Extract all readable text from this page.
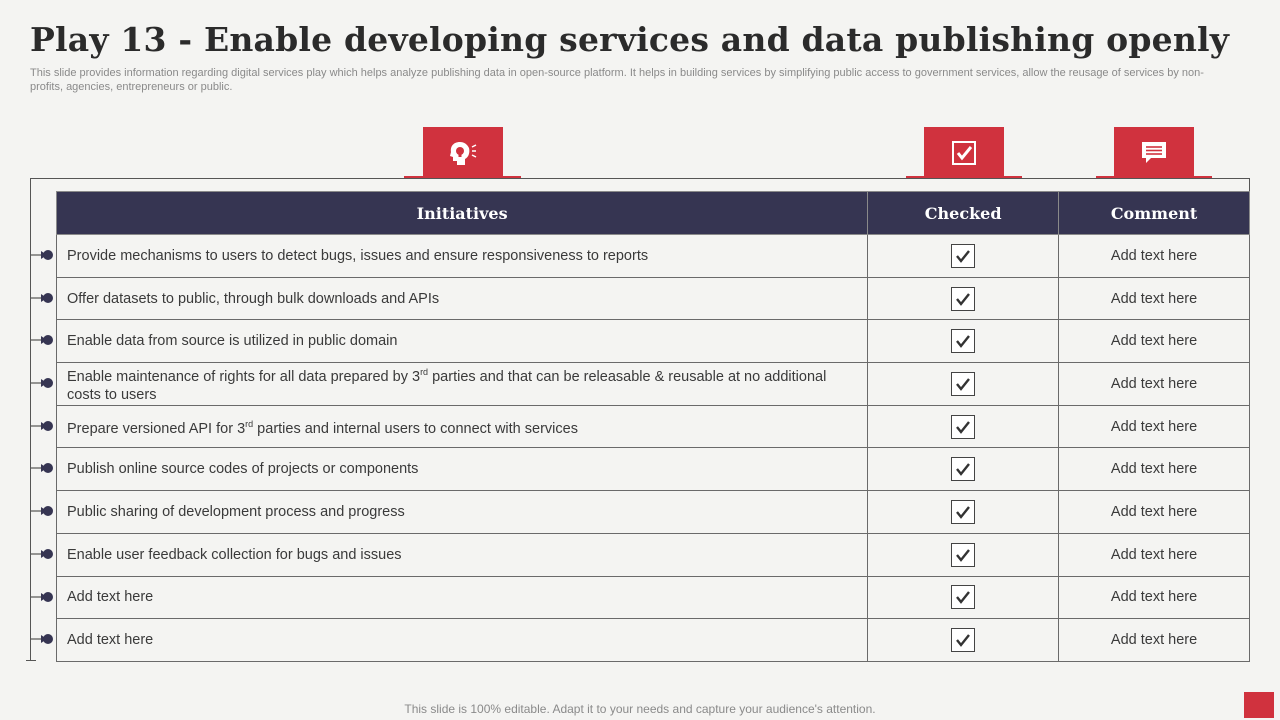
Play 13 - Enable developing services and data publishing openly
This slide provides information regarding digital services play which helps analyze publishing data in open-source platform. It helps in building services by simplifying public access to government services, allow the reusage of services by non-profits, agencies, entrepreneurs or public.
Initiatives	Checked	Comment
Provide mechanisms to users to detect bugs, issues and ensure responsiveness to reports		Add text here
Offer datasets to public, through bulk downloads and APIs		Add text here
Enable data from source is utilized in public domain		Add text here
Enable maintenance of rights for all data prepared by 3rd parties and that can be releasable & reusable at no additional costs to users		Add text here
Prepare versioned API for 3rd parties and internal users to connect with services		Add text here
Publish online source codes of projects or components		Add text here
Public sharing of development process and progress		Add text here
Enable user feedback collection for bugs and issues		Add text here
Add text here		Add text here
Add text here		Add text here
This slide is 100% editable. Adapt it to your needs and capture your audience's attention.
